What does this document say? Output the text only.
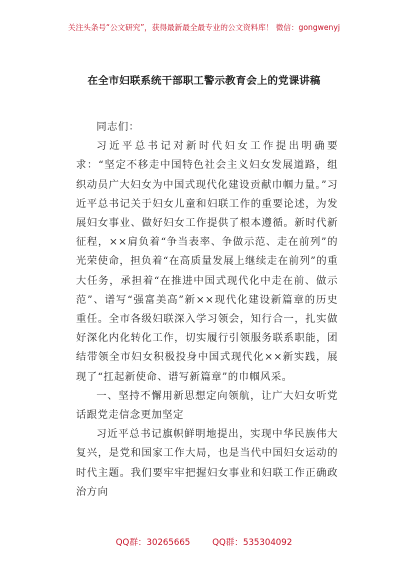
关注头条号“公文研究”，获得最新最全最专业的公文资料库！ 微信：gongwenyj
在全市妇联系统干部职工警示教育会上的党课讲稿

同志们：

习近平总书记对新时代妇女工作提出明确要求：“坚定不移走中国特色社会主义妇女发展道路，组织动员广大妇女为中国式现代化建设贡献巾帼力量。”习近平总书记关于妇女儿童和妇联工作的重要论述，为发展妇女事业、做好妇女工作提供了根本遵循。新时代新征程，××肩负着“争当表率、争做示范、走在前列”的光荣使命，担负着“在高质量发展上继续走在前列”的重大任务，承担着“在推进中国式现代化中走在前、做示范”、谱写“强富美高”新××现代化建设新篇章的历史重任。全市各级妇联深入学习领会，知行合一，扎实做好深化内化转化工作，切实履行引领服务联系职能，团结带领全市妇女积极投身中国式现代化××新实践，展现了“扛起新使命、谱写新篇章”的巾帼风采。

一、坚持不懈用新思想定向领航，让广大妇女听党话跟党走信念更加坚定

习近平总书记旗帜鲜明地提出，实现中华民族伟大复兴，是党和国家工作大局，也是当代中国妇女运动的时代主题。我们要牢牢把握妇女事业和妇联工作正确政治方向

QQ群：30265665	QQ群：535304092
